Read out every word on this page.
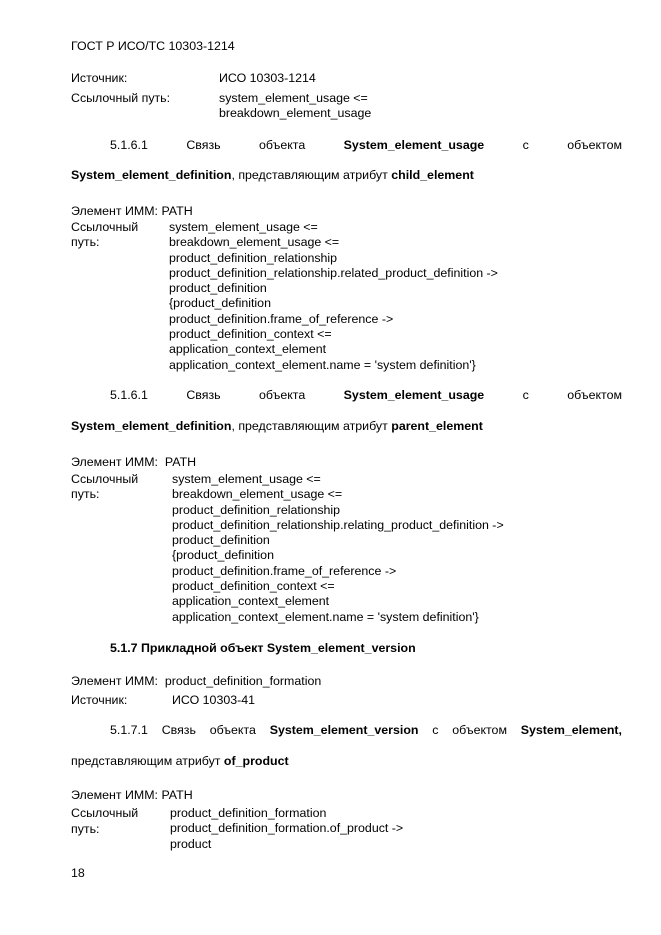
ГОСТ Р ИСО/ТС 10303-1214
Источник:	ИСО 10303-1214
Ссылочный путь:	system_element_usage <=
breakdown_element_usage
5.1.6.1	Связь	объекта	System_element_usage	с	объектом
System_element_definition, представляющим атрибут child_element
Элемент ИММ: PATH
Ссылочный
путь:
system_element_usage <=
breakdown_element_usage <=
product_definition_relationship
product_definition_relationship.related_product_definition ->
product_definition
{product_definition
product_definition.frame_of_reference ->
product_definition_context <=
application_context_element
application_context_element.name = 'system definition'}
5.1.6.1	Связь	объекта	System_element_usage	с	объектом
System_element_definition, представляющим атрибут parent_element
Элемент ИММ: PATH
Ссылочный
путь:
system_element_usage <=
breakdown_element_usage <=
product_definition_relationship
product_definition_relationship.relating_product_definition ->
product_definition
{product_definition
product_definition.frame_of_reference ->
product_definition_context <=
application_context_element
application_context_element.name = 'system definition'}
5.1.7 Прикладной объект System_element_version
Элемент ИММ: product_definition_formation
Источник:	ИСО 10303-41
5.1.7.1 Связь объекта System_element_version с объектом System_element,
представляющим атрибут of_product
Элемент ИММ: PATH
Ссылочный
путь:
product_definition_formation
product_definition_formation.of_product ->
product
18
